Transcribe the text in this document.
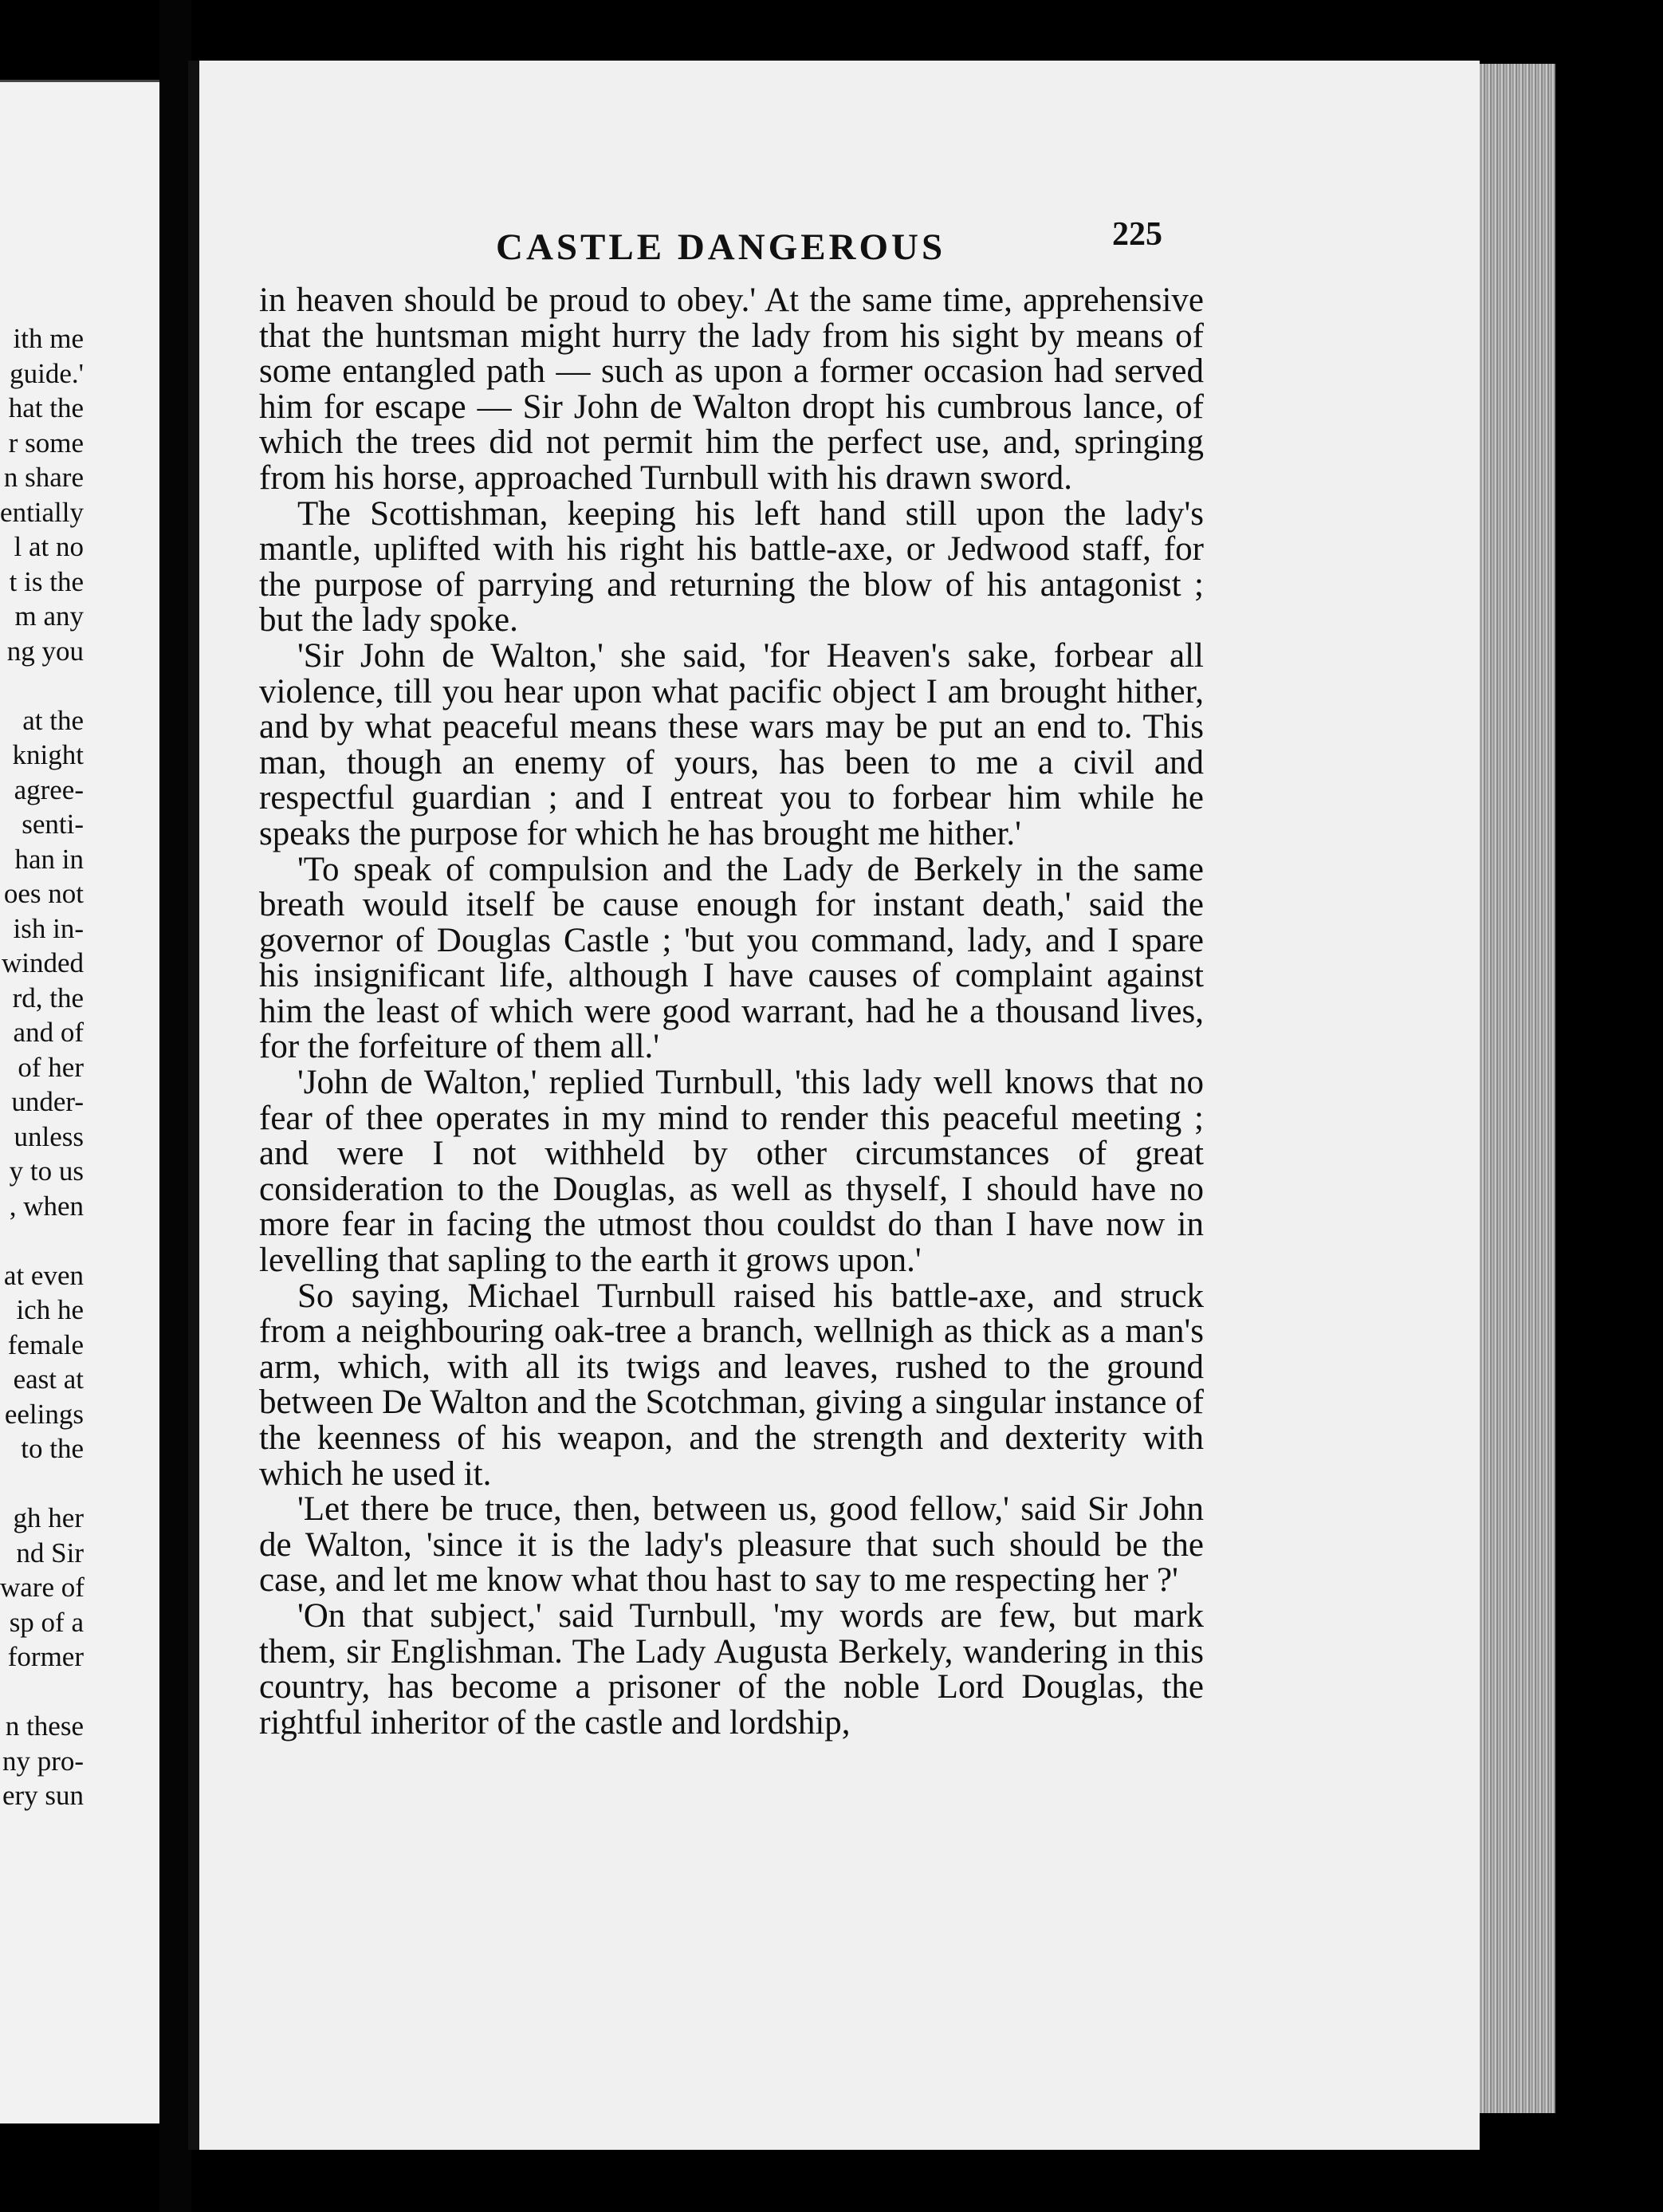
ith me
guide.'
hat the
r some
n share
entially
l at no
t is the
m any
ng you
at the
knight
agree-
senti-
han in
oes not
ish in-
winded
rd, the
and of
of her
under-
unless
y to us
, when
at even
ich he
female
east at
eelings
to the
gh her
nd Sir
ware of
sp of a
former
n these
ny pro-
ery sun
CASTLE DANGEROUS	225

in heaven should be proud to obey.' At the same time, apprehensive that the huntsman might hurry the lady from his sight by means of some entangled path — such as upon a former occasion had served him for escape — Sir John de Walton dropt his cumbrous lance, of which the trees did not permit him the perfect use, and, springing from his horse, approached Turnbull with his drawn sword.

The Scottishman, keeping his left hand still upon the lady's mantle, uplifted with his right his battle-axe, or Jedwood staff, for the purpose of parrying and returning the blow of his antagonist ; but the lady spoke.

'Sir John de Walton,' she said, 'for Heaven's sake, forbear all violence, till you hear upon what pacific object I am brought hither, and by what peaceful means these wars may be put an end to. This man, though an enemy of yours, has been to me a civil and respectful guardian ; and I entreat you to forbear him while he speaks the purpose for which he has brought me hither.'

'To speak of compulsion and the Lady de Berkely in the same breath would itself be cause enough for instant death,' said the governor of Douglas Castle ; 'but you command, lady, and I spare his insignificant life, although I have causes of complaint against him the least of which were good warrant, had he a thousand lives, for the forfeiture of them all.'

'John de Walton,' replied Turnbull, 'this lady well knows that no fear of thee operates in my mind to render this peaceful meeting ; and were I not withheld by other circumstances of great consideration to the Douglas, as well as thyself, I should have no more fear in facing the utmost thou couldst do than I have now in levelling that sapling to the earth it grows upon.'

So saying, Michael Turnbull raised his battle-axe, and struck from a neighbouring oak-tree a branch, wellnigh as thick as a man's arm, which, with all its twigs and leaves, rushed to the ground between De Walton and the Scotchman, giving a singular instance of the keenness of his weapon, and the strength and dexterity with which he used it.

'Let there be truce, then, between us, good fellow,' said Sir John de Walton, 'since it is the lady's pleasure that such should be the case, and let me know what thou hast to say to me respecting her ?'

'On that subject,' said Turnbull, 'my words are few, but mark them, sir Englishman. The Lady Augusta Berkely, wandering in this country, has become a prisoner of the noble Lord Douglas, the rightful inheritor of the castle and lordship,
